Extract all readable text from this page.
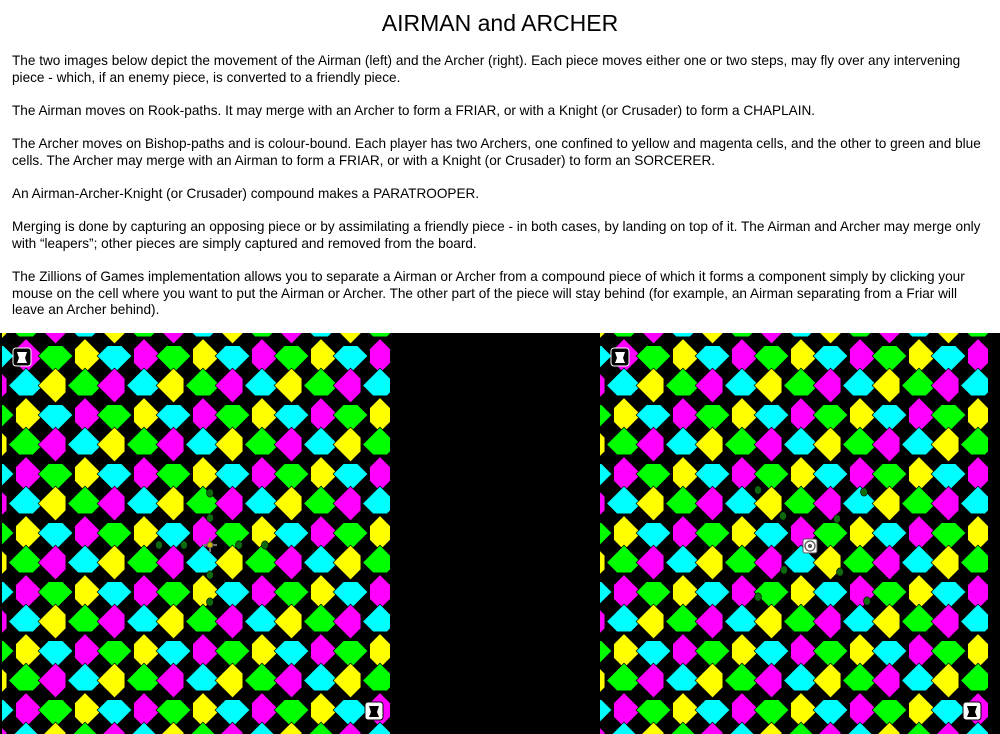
AIRMAN and ARCHER

The two images below depict the movement of the Airman (left) and the Archer (right). Each piece moves either one or two steps, may fly over any intervening piece - which, if an enemy piece, is converted to a friendly piece.

The Airman moves on Rook-paths. It may merge with an Archer to form a FRIAR, or with a Knight (or Crusader) to form a CHAPLAIN.

The Archer moves on Bishop-paths and is colour-bound. Each player has two Archers, one confined to yellow and magenta cells, and the other to green and blue cells. The Archer may merge with an Airman to form a FRIAR, or with a Knight (or Crusader) to form an SORCERER.

An Airman-Archer-Knight (or Crusader) compound makes a PARATROOPER.

Merging is done by capturing an opposing piece or by assimilating a friendly piece - in both cases, by landing on top of it. The Airman and Archer may merge only with “leapers”; other pieces are simply captured and removed from the board.

The Zillions of Games implementation allows you to separate a Airman or Archer from a compound piece of which it forms a component simply by clicking your mouse on the cell where you want to put the Airman or Archer. The other part of the piece will stay behind (for example, an Airman separating from a Friar will leave an Archer behind).
